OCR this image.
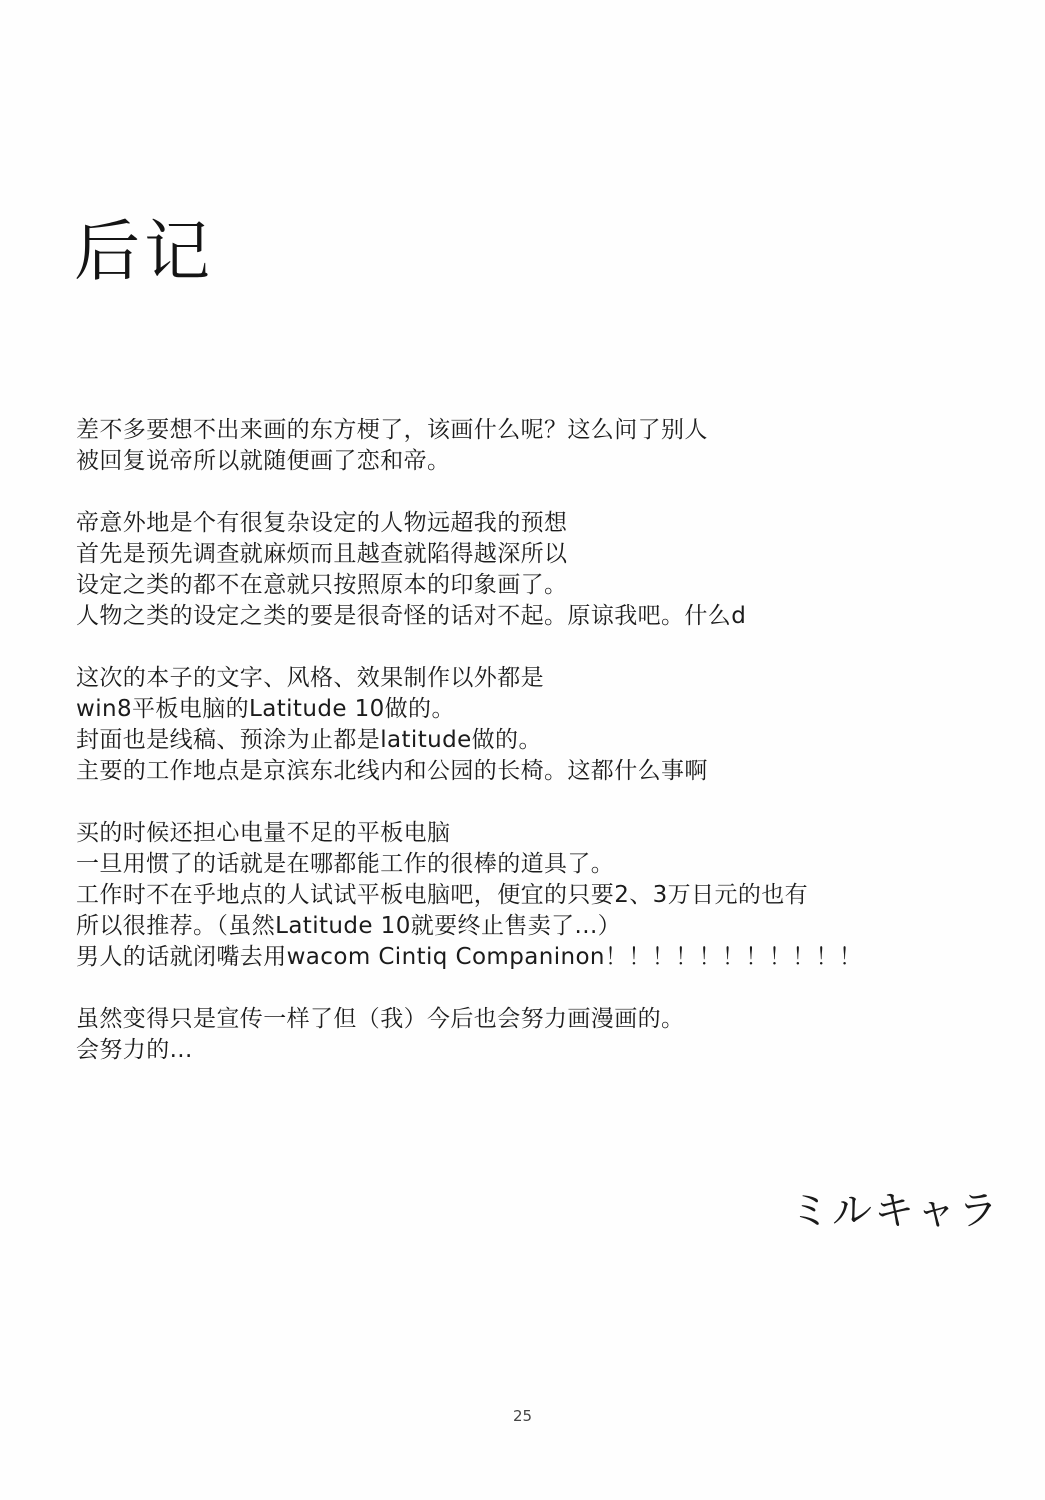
后记
差不多要想不出来画的东方梗了，该画什么呢？这么问了别人
被回复说帝所以就随便画了恋和帝。
帝意外地是个有很复杂设定的人物远超我的预想
首先是预先调查就麻烦而且越查就陷得越深所以
设定之类的都不在意就只按照原本的印象画了。
人物之类的设定之类的要是很奇怪的话对不起。原谅我吧。什么d
这次的本子的文字、风格、效果制作以外都是
win8平板电脑的Latitude 10做的。
封面也是线稿、预涂为止都是latitude做的。
主要的工作地点是京滨东北线内和公园的长椅。这都什么事啊
买的时候还担心电量不足的平板电脑
一旦用惯了的话就是在哪都能工作的很棒的道具了。
工作时不在乎地点的人试试平板电脑吧，便宜的只要2、3万日元的也有
所以很推荐。（虽然Latitude 10就要终止售卖了...）
男人的话就闭嘴去用wacom Cintiq Companinon！！！！！！！！！！！
虽然变得只是宣传一样了但（我）今后也会努力画漫画的。
会努力的...
ミルキャラ
25
